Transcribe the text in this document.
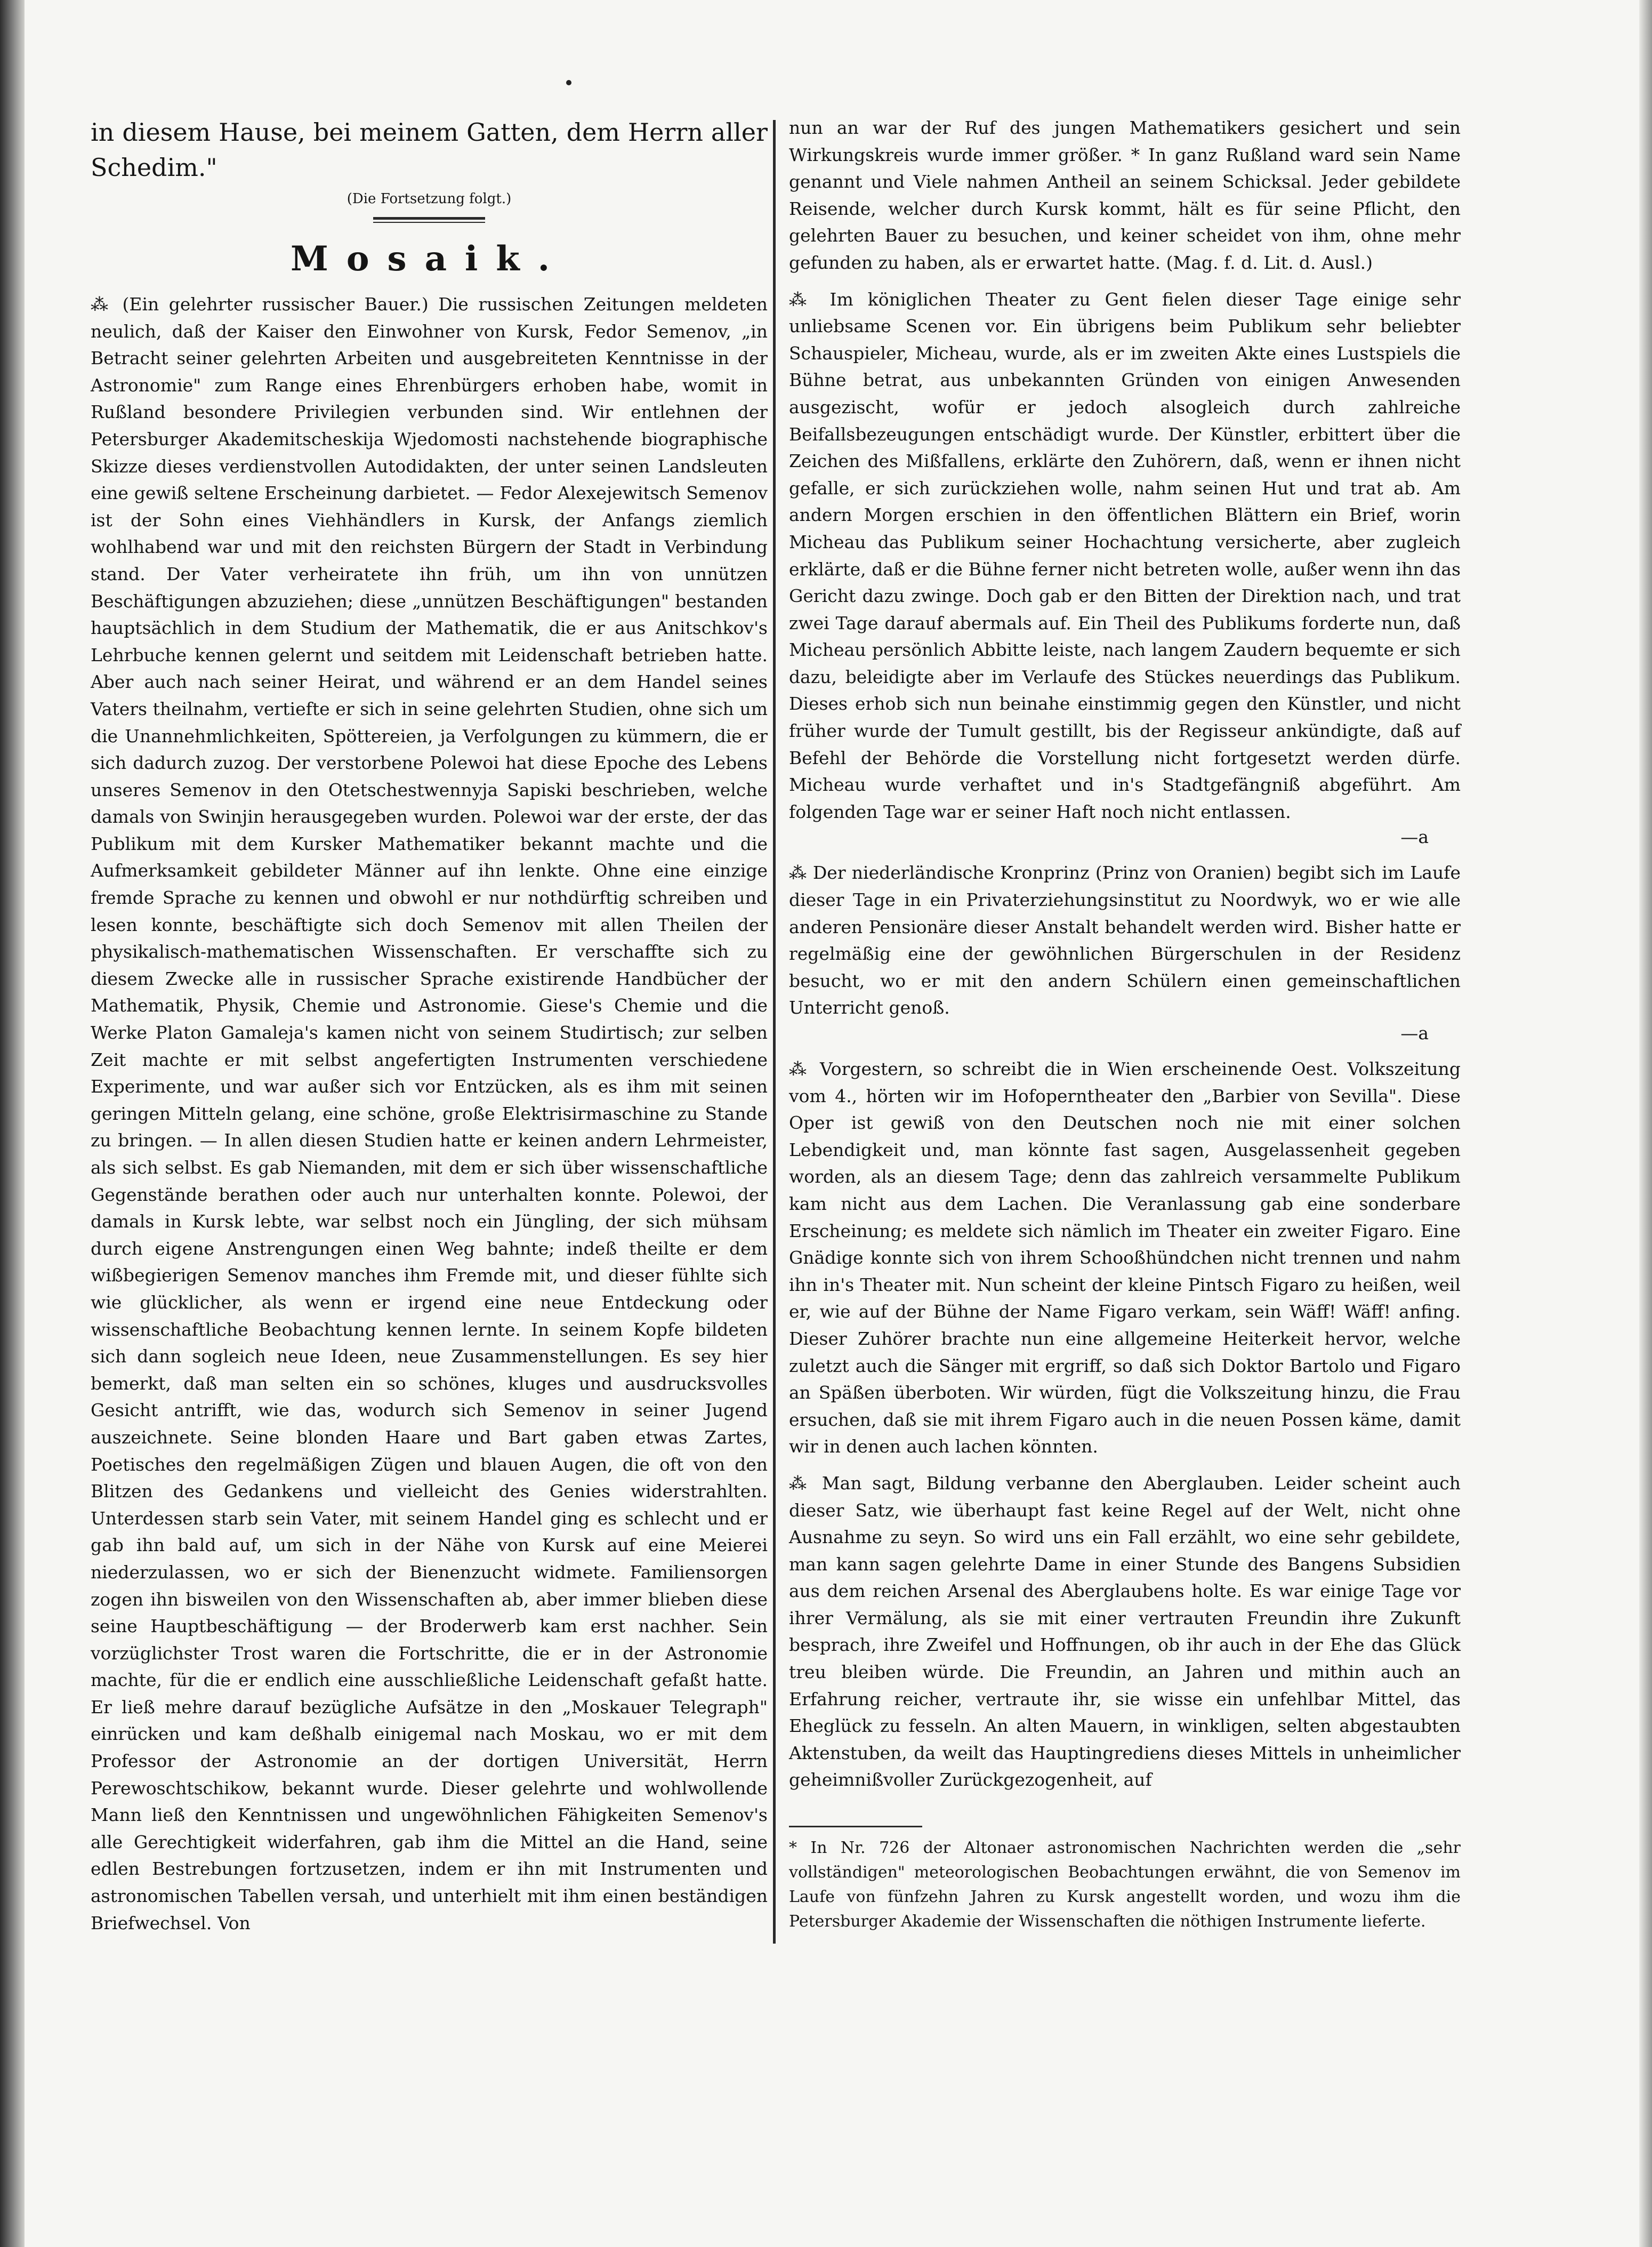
in diesem Hause, bei meinem Gatten, dem Herrn aller Schedim."

(Die Fortsetzung folgt.)
Mosaik.

⁂ (Ein gelehrter russischer Bauer.) Die russischen Zeitungen meldeten neulich, daß der Kaiser den Einwohner von Kursk, Fedor Semenov, „in Betracht seiner gelehrten Arbeiten und ausgebreiteten Kenntnisse in der Astronomie" zum Range eines Ehrenbürgers erhoben habe, womit in Rußland besondere Privilegien verbunden sind. Wir entlehnen der Petersburger Akademitscheskija Wjedomosti nachstehende biographische Skizze dieses verdienstvollen Autodidakten, der unter seinen Landsleuten eine gewiß seltene Erscheinung darbietet. — Fedor Alexejewitsch Semenov ist der Sohn eines Viehhändlers in Kursk, der Anfangs ziemlich wohlhabend war und mit den reichsten Bürgern der Stadt in Verbindung stand. Der Vater verheiratete ihn früh, um ihn von unnützen Beschäftigungen abzuziehen; diese „unnützen Beschäftigungen" bestanden hauptsächlich in dem Studium der Mathematik, die er aus Anitschkov's Lehrbuche kennen gelernt und seitdem mit Leidenschaft betrieben hatte. Aber auch nach seiner Heirat, und während er an dem Handel seines Vaters theilnahm, vertiefte er sich in seine gelehrten Studien, ohne sich um die Unannehmlichkeiten, Spöttereien, ja Verfolgungen zu kümmern, die er sich dadurch zuzog. Der verstorbene Polewoi hat diese Epoche des Lebens unseres Semenov in den Otetschestwennyja Sapiski beschrieben, welche damals von Swinjin herausgegeben wurden. Polewoi war der erste, der das Publikum mit dem Kursker Mathematiker bekannt machte und die Aufmerksamkeit gebildeter Männer auf ihn lenkte. Ohne eine einzige fremde Sprache zu kennen und obwohl er nur nothdürftig schreiben und lesen konnte, beschäftigte sich doch Semenov mit allen Theilen der physikalisch-mathematischen Wissenschaften. Er verschaffte sich zu diesem Zwecke alle in russischer Sprache existirende Handbücher der Mathematik, Physik, Chemie und Astronomie. Giese's Chemie und die Werke Platon Gamaleja's kamen nicht von seinem Studirtisch; zur selben Zeit machte er mit selbst angefertigten Instrumenten verschiedene Experimente, und war außer sich vor Entzücken, als es ihm mit seinen geringen Mitteln gelang, eine schöne, große Elektrisirmaschine zu Stande zu bringen. — In allen diesen Studien hatte er keinen andern Lehrmeister, als sich selbst. Es gab Niemanden, mit dem er sich über wissenschaftliche Gegenstände berathen oder auch nur unterhalten konnte. Polewoi, der damals in Kursk lebte, war selbst noch ein Jüngling, der sich mühsam durch eigene Anstrengungen einen Weg bahnte; indeß theilte er dem wißbegierigen Semenov manches ihm Fremde mit, und dieser fühlte sich wie glücklicher, als wenn er irgend eine neue Entdeckung oder wissenschaftliche Beobachtung kennen lernte. In seinem Kopfe bildeten sich dann sogleich neue Ideen, neue Zusammenstellungen. Es sey hier bemerkt, daß man selten ein so schönes, kluges und ausdrucksvolles Gesicht antrifft, wie das, wodurch sich Semenov in seiner Jugend auszeichnete. Seine blonden Haare und Bart gaben etwas Zartes, Poetisches den regelmäßigen Zügen und blauen Augen, die oft von den Blitzen des Gedankens und vielleicht des Genies widerstrahlten. Unterdessen starb sein Vater, mit seinem Handel ging es schlecht und er gab ihn bald auf, um sich in der Nähe von Kursk auf eine Meierei niederzulassen, wo er sich der Bienenzucht widmete. Familiensorgen zogen ihn bisweilen von den Wissenschaften ab, aber immer blieben diese seine Hauptbeschäftigung — der Broderwerb kam erst nachher. Sein vorzüglichster Trost waren die Fortschritte, die er in der Astronomie machte, für die er endlich eine ausschließliche Leidenschaft gefaßt hatte. Er ließ mehre darauf bezügliche Aufsätze in den „Moskauer Telegraph" einrücken und kam deßhalb einigemal nach Moskau, wo er mit dem Professor der Astronomie an der dortigen Universität, Herrn Perewoschtschikow, bekannt wurde. Dieser gelehrte und wohlwollende Mann ließ den Kenntnissen und ungewöhnlichen Fähigkeiten Semenov's alle Gerechtigkeit widerfahren, gab ihm die Mittel an die Hand, seine edlen Bestrebungen fortzusetzen, indem er ihn mit Instrumenten und astronomischen Tabellen versah, und unterhielt mit ihm einen beständigen Briefwechsel. Von

nun an war der Ruf des jungen Mathematikers gesichert und sein Wirkungskreis wurde immer größer. * In ganz Rußland ward sein Name genannt und Viele nahmen Antheil an seinem Schicksal. Jeder gebildete Reisende, welcher durch Kursk kommt, hält es für seine Pflicht, den gelehrten Bauer zu besuchen, und keiner scheidet von ihm, ohne mehr gefunden zu haben, als er erwartet hatte. (Mag. f. d. Lit. d. Ausl.)

⁂ Im königlichen Theater zu Gent fielen dieser Tage einige sehr unliebsame Scenen vor. Ein übrigens beim Publikum sehr beliebter Schauspieler, Micheau, wurde, als er im zweiten Akte eines Lustspiels die Bühne betrat, aus unbekannten Gründen von einigen Anwesenden ausgezischt, wofür er jedoch alsogleich durch zahlreiche Beifallsbezeugungen entschädigt wurde. Der Künstler, erbittert über die Zeichen des Mißfallens, erklärte den Zuhörern, daß, wenn er ihnen nicht gefalle, er sich zurückziehen wolle, nahm seinen Hut und trat ab. Am andern Morgen erschien in den öffentlichen Blättern ein Brief, worin Micheau das Publikum seiner Hochachtung versicherte, aber zugleich erklärte, daß er die Bühne ferner nicht betreten wolle, außer wenn ihn das Gericht dazu zwinge. Doch gab er den Bitten der Direktion nach, und trat zwei Tage darauf abermals auf. Ein Theil des Publikums forderte nun, daß Micheau persönlich Abbitte leiste, nach langem Zaudern bequemte er sich dazu, beleidigte aber im Verlaufe des Stückes neuerdings das Publikum. Dieses erhob sich nun beinahe einstimmig gegen den Künstler, und nicht früher wurde der Tumult gestillt, bis der Regisseur ankündigte, daß auf Befehl der Behörde die Vorstellung nicht fortgesetzt werden dürfe. Micheau wurde verhaftet und in's Stadtgefängniß abgeführt. Am folgenden Tage war er seiner Haft noch nicht entlassen.

—a

⁂ Der niederländische Kronprinz (Prinz von Oranien) begibt sich im Laufe dieser Tage in ein Privaterziehungsinstitut zu Noordwyk, wo er wie alle anderen Pensionäre dieser Anstalt behandelt werden wird. Bisher hatte er regelmäßig eine der gewöhnlichen Bürgerschulen in der Residenz besucht, wo er mit den andern Schülern einen gemeinschaftlichen Unterricht genoß.

—a

⁂ Vorgestern, so schreibt die in Wien erscheinende Oest. Volkszeitung vom 4., hörten wir im Hofoperntheater den „Barbier von Sevilla". Diese Oper ist gewiß von den Deutschen noch nie mit einer solchen Lebendigkeit und, man könnte fast sagen, Ausgelassenheit gegeben worden, als an diesem Tage; denn das zahlreich versammelte Publikum kam nicht aus dem Lachen. Die Veranlassung gab eine sonderbare Erscheinung; es meldete sich nämlich im Theater ein zweiter Figaro. Eine Gnädige konnte sich von ihrem Schooßhündchen nicht trennen und nahm ihn in's Theater mit. Nun scheint der kleine Pintsch Figaro zu heißen, weil er, wie auf der Bühne der Name Figaro verkam, sein Wäff! Wäff! anfing. Dieser Zuhörer brachte nun eine allgemeine Heiterkeit hervor, welche zuletzt auch die Sänger mit ergriff, so daß sich Doktor Bartolo und Figaro an Späßen überboten. Wir würden, fügt die Volkszeitung hinzu, die Frau ersuchen, daß sie mit ihrem Figaro auch in die neuen Possen käme, damit wir in denen auch lachen könnten.

⁂ Man sagt, Bildung verbanne den Aberglauben. Leider scheint auch dieser Satz, wie überhaupt fast keine Regel auf der Welt, nicht ohne Ausnahme zu seyn. So wird uns ein Fall erzählt, wo eine sehr gebildete, man kann sagen gelehrte Dame in einer Stunde des Bangens Subsidien aus dem reichen Arsenal des Aberglaubens holte. Es war einige Tage vor ihrer Vermälung, als sie mit einer vertrauten Freundin ihre Zukunft besprach, ihre Zweifel und Hoffnungen, ob ihr auch in der Ehe das Glück treu bleiben würde. Die Freundin, an Jahren und mithin auch an Erfahrung reicher, vertraute ihr, sie wisse ein unfehlbar Mittel, das Eheglück zu fesseln. An alten Mauern, in winkligen, selten abgestaubten Aktenstuben, da weilt das Hauptingrediens dieses Mittels in unheimlicher geheimnißvoller Zurückgezogenheit, auf

* In Nr. 726 der Altonaer astronomischen Nachrichten werden die „sehr vollständigen" meteorologischen Beobachtungen erwähnt, die von Semenov im Laufe von fünfzehn Jahren zu Kursk angestellt worden, und wozu ihm die Petersburger Akademie der Wissenschaften die nöthigen Instrumente lieferte.
